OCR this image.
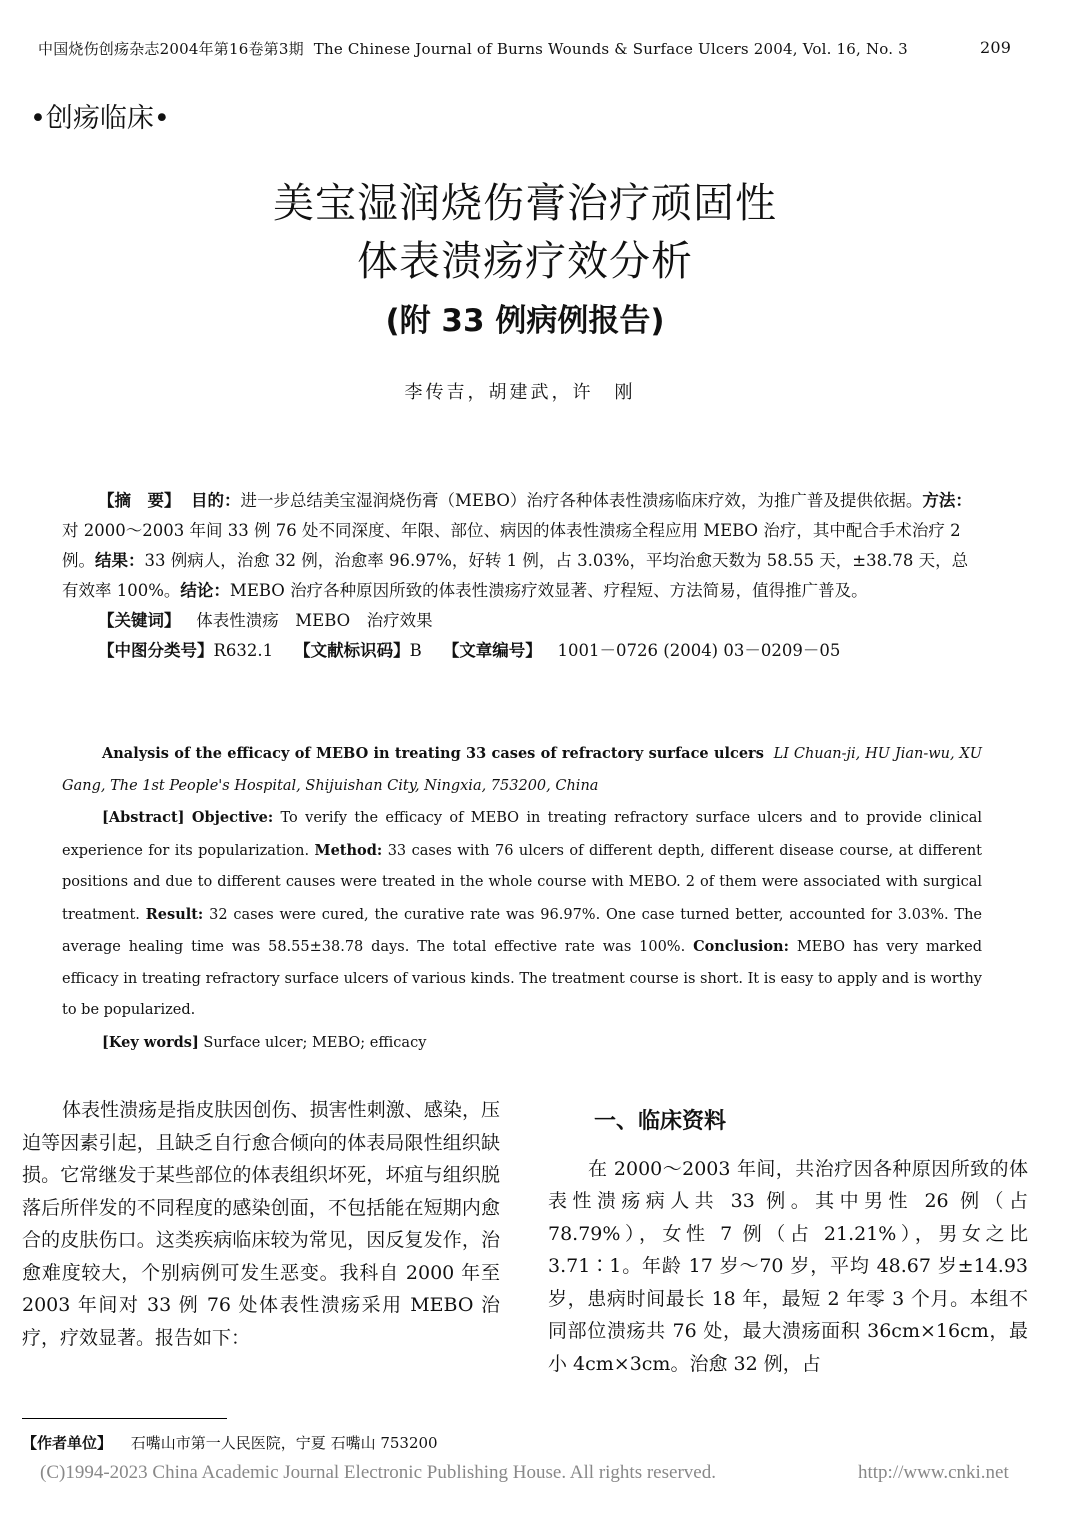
中国烧伤创疡杂志2004年第16卷第3期 The Chinese Journal of Burns Wounds & Surface Ulcers 2004, Vol. 16, No. 3	209
•创疡临床•
美宝湿润烧伤膏治疗顽固性
体表溃疡疗效分析
(附 33 例病例报告)
李传吉，胡建武，许　刚

【摘　要】 目的：进一步总结美宝湿润烧伤膏（MEBO）治疗各种体表性溃疡临床疗效，为推广普及提供依据。方法：对 2000～2003 年间 33 例 76 处不同深度、年限、部位、病因的体表性溃疡全程应用 MEBO 治疗，其中配合手术治疗 2 例。结果：33 例病人，治愈 32 例，治愈率 96.97%，好转 1 例，占 3.03%，平均治愈天数为 58.55 天，±38.78 天，总有效率 100%。结论：MEBO 治疗各种原因所致的体表性溃疡疗效显著、疗程短、方法简易，值得推广普及。

【关键词】 体表性溃疡　MEBO　治疗效果

【中图分类号】R632.1 【文献标识码】B 【文章编号】 1001－0726 (2004) 03－0209－05

Analysis of the efficacy of MEBO in treating 33 cases of refractory surface ulcers LI Chuan-ji, HU Jian-wu, XU Gang, The 1st People's Hospital, Shijuishan City, Ningxia, 753200, China

[Abstract] Objective: To verify the efficacy of MEBO in treating refractory surface ulcers and to provide clinical experience for its popularization. Method: 33 cases with 76 ulcers of different depth, different disease course, at different positions and due to different causes were treated in the whole course with MEBO. 2 of them were associated with surgical treatment. Result: 32 cases were cured, the curative rate was 96.97%. One case turned better, accounted for 3.03%. The average healing time was 58.55±38.78 days. The total effective rate was 100%. Conclusion: MEBO has very marked efficacy in treating refractory surface ulcers of various kinds. The treatment course is short. It is easy to apply and is worthy to be popularized.

[Key words] Surface ulcer; MEBO; efficacy

体表性溃疡是指皮肤因创伤、损害性刺激、感染，压迫等因素引起，且缺乏自行愈合倾向的体表局限性组织缺损。它常继发于某些部位的体表组织坏死，坏疽与组织脱落后所伴发的不同程度的感染创面，不包括能在短期内愈合的皮肤伤口。这类疾病临床较为常见，因反复发作，治愈难度较大，个别病例可发生恶变。我科自 2000 年至 2003 年间对 33 例 76 处体表性溃疡采用 MEBO 治疗，疗效显著。报告如下：

一、临床资料

在 2000～2003 年间，共治疗因各种原因所致的体表性溃疡病人共 33 例。其中男性 26 例（占 78.79%），女性 7 例（占 21.21%），男女之比 3.71∶1。年龄 17 岁～70 岁，平均 48.67 岁±14.93 岁，患病时间最长 18 年，最短 2 年零 3 个月。本组不同部位溃疡共 76 处，最大溃疡面积 36cm×16cm，最小 4cm×3cm。治愈 32 例，占

【作者单位】 石嘴山市第一人民医院，宁夏 石嘴山 753200
(C)1994-2023 China Academic Journal Electronic Publishing House. All rights reserved.	http://www.cnki.net
